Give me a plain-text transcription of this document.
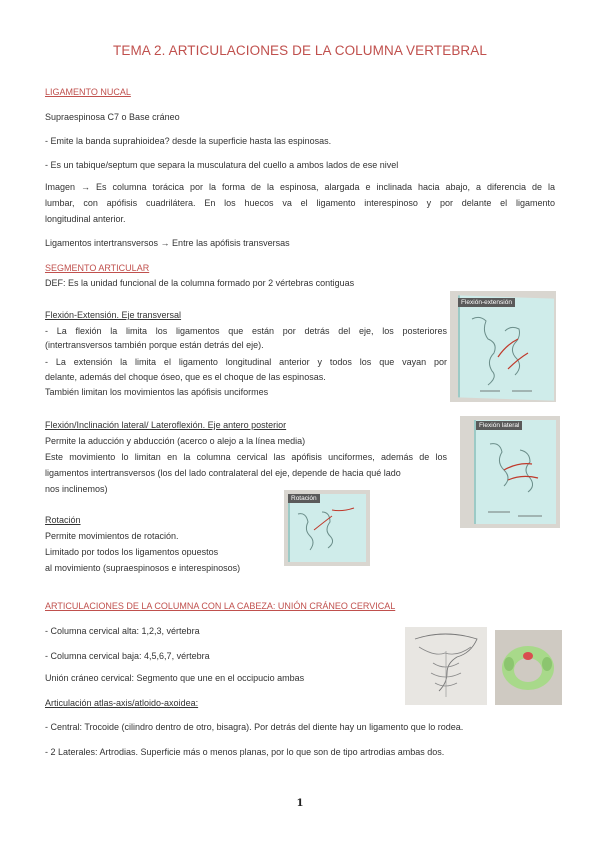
TEMA 2. ARTICULACIONES DE LA COLUMNA VERTEBRAL
LIGAMENTO NUCAL
Supraespinosa C7 o Base cráneo
- Emite la banda suprahioidea? desde la superficie hasta las espinosas.
- Es un tabique/septum que separa la musculatura del cuello a ambos lados de ese nivel
Imagen → Es columna torácica por la forma de la espinosa, alargada e inclinada hacia abajo, a diferencia de la
lumbar, con apófisis cuadrilátera. En los huecos va el ligamento interespinoso y por delante el ligamento
longitudinal anterior.
Ligamentos intertransversos → Entre las apófisis transversas
SEGMENTO ARTICULAR
DEF: Es la unidad funcional de la columna formado por 2 vértebras contiguas
Flexión-Extensión. Eje transversal
- La flexión la limita los ligamentos que están por detrás del eje, los posteriores
(intertransversos también porque están detrás del eje).
- La extensión la limita el ligamento longitudinal anterior y todos los que vayan por
delante, además del choque óseo, que es el choque de las espinosas.
También limitan los movimientos las apófisis unciformes
Flexión/Inclinación lateral/ Lateroflexión. Eje antero posterior
Permite la aducción y abducción (acerco o alejo a la línea media)
Este movimiento lo limitan en la columna cervical las apófisis unciformes, además de los
ligamentos intertransversos (los del lado contralateral del eje, depende de hacia qué lado
nos inclinemos)
Rotación
Permite movimientos de rotación.
Limitado por todos los ligamentos opuestos
al movimiento (supraespinosos e interespinosos)
ARTICULACIONES DE LA COLUMNA CON LA CABEZA: UNIÓN CRÁNEO CERVICAL
- Columna cervical alta: 1,2,3, vértebra
- Columna cervical baja: 4,5,6,7, vértebra
Unión cráneo cervical: Segmento que une en el occipucio ambas
Articulación atlas-axis/atloido-axoidea:
- Central: Trocoide (cilindro dentro de otro, bisagra). Por detrás del diente hay un ligamento que lo rodea.
- 2 Laterales: Artrodias. Superficie más o menos planas, por lo que son de tipo artrodias ambas dos.
Flexión-extensión
Flexión lateral
Rotación
1
